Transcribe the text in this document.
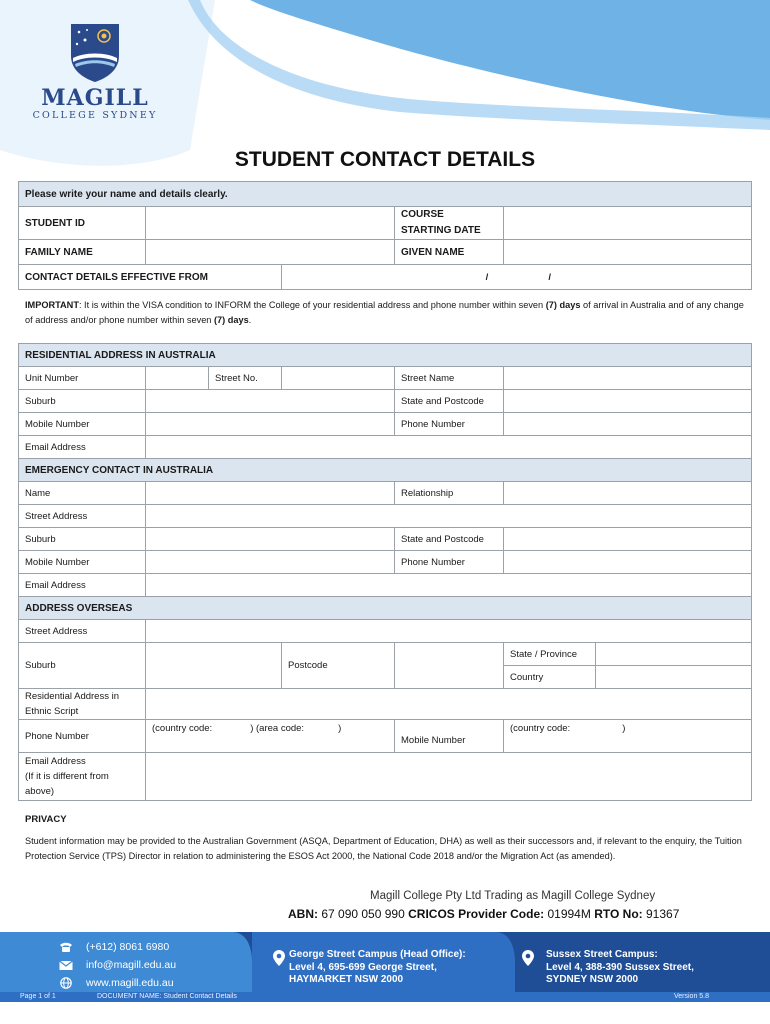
MAGILL
COLLEGE SYDNEY
STUDENT CONTACT DETAILS
Please write your name and details clearly.				
STUDENT ID			COURSE
STARTING DATE	

FAMILY NAME			GIVEN NAME	
CONTACT DETAILS EFFECTIVE FROM		/ /		
IMPORTANT: It is within the VISA condition to INFORM the College of your residential address and phone number within seven (7) days of arrival in Australia and of any change of address and/or phone number within seven (7) days.
RESIDENTIAL ADDRESS IN AUSTRALIA						
Unit Number		Street No.		Street Name		
Suburb				State and Postcode		
Mobile Number				Phone Number		
Email Address						
EMERGENCY CONTACT IN AUSTRALIA						
Name				Relationship		
Street Address						
Suburb				State and Postcode		
Mobile Number				Phone Number		
Email Address						
ADDRESS OVERSEAS						
Street Address						
Suburb			Postcode		State / Province	
					Country	

Residential Address in
Ethnic Script						

Phone Number	(country code: ) (area code: )			Mobile Number	(country code: )	

Email Address
(If it is different from
above)						

PRIVACY
Student information may be provided to the Australian Government (ASQA, Department of Education, DHA) as well as their successors and, if relevant to the enquiry, the Tuition Protection Service (TPS) Director in relation to administering the ESOS Act 2000, the National Code 2018 and/or the Migration Act (as amended).
Magill College Pty Ltd Trading as Magill College Sydney
ABN: 67 090 050 990 CRICOS Provider Code: 01994M RTO No: 91367
(+612) 8061 6980
info@magill.edu.au
www.magill.edu.au
George Street Campus (Head Office):
Level 4, 695-699 George Street,
HAYMARKET NSW 2000
Sussex Street Campus:
Level 4, 388-390 Sussex Street,
SYDNEY NSW 2000
Page 1 of 1	DOCUMENT NAME: Student Contact Details	Version 5.8
